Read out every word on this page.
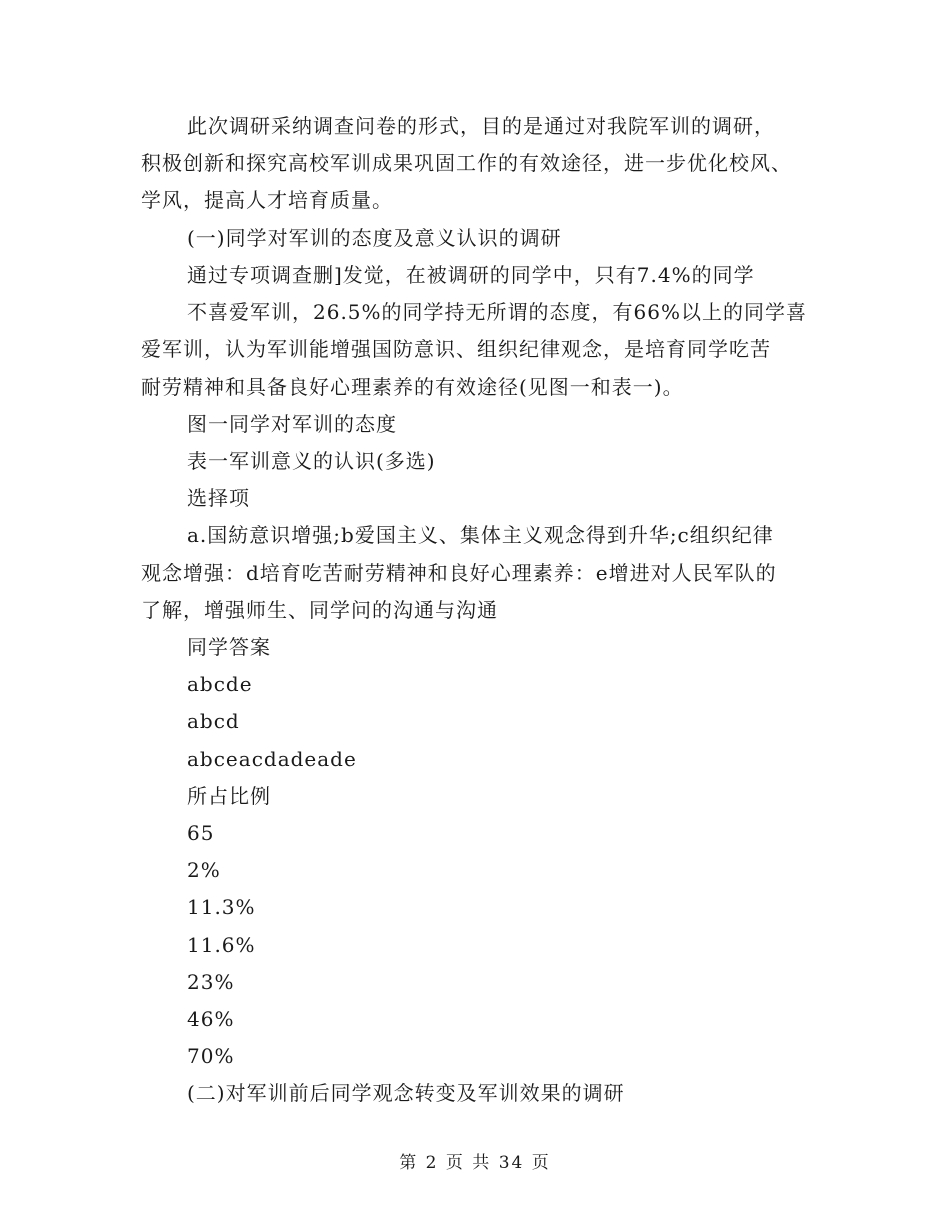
此次调研采纳调查问卷的形式，目的是通过对我院军训的调研，
积极创新和探究高校军训成果巩固工作的有效途径，进一步优化校风、
学风，提高人才培育质量。
(一)同学对军训的态度及意义认识的调研
通过专项调查删]发觉，在被调研的同学中，只有7.4%的同学
不喜爱军训，26.5%的同学持无所谓的态度，有66%以上的同学喜
爱军训，认为军训能增强国防意识、组织纪律观念，是培育同学吃苦
耐劳精神和具备良好心理素养的有效途径(见图一和表一)。
图一同学对军训的态度
表一军训意义的认识(多选)
选择项
a.国紡意识增强;b爱国主义、集体主义观念得到升华;c组织纪律
观念增强：d培育吃苦耐劳精神和良好心理素养：e增进对人民军队的
了解，增强师生、同学问的沟通与沟通
同学答案
abcde
abcd
abceacdadeade
所占比例
65
2%
11.3%
11.6%
23%
46%
70%
(二)对军训前后同学观念转变及军训效果的调研
第 2 页 共 34 页
